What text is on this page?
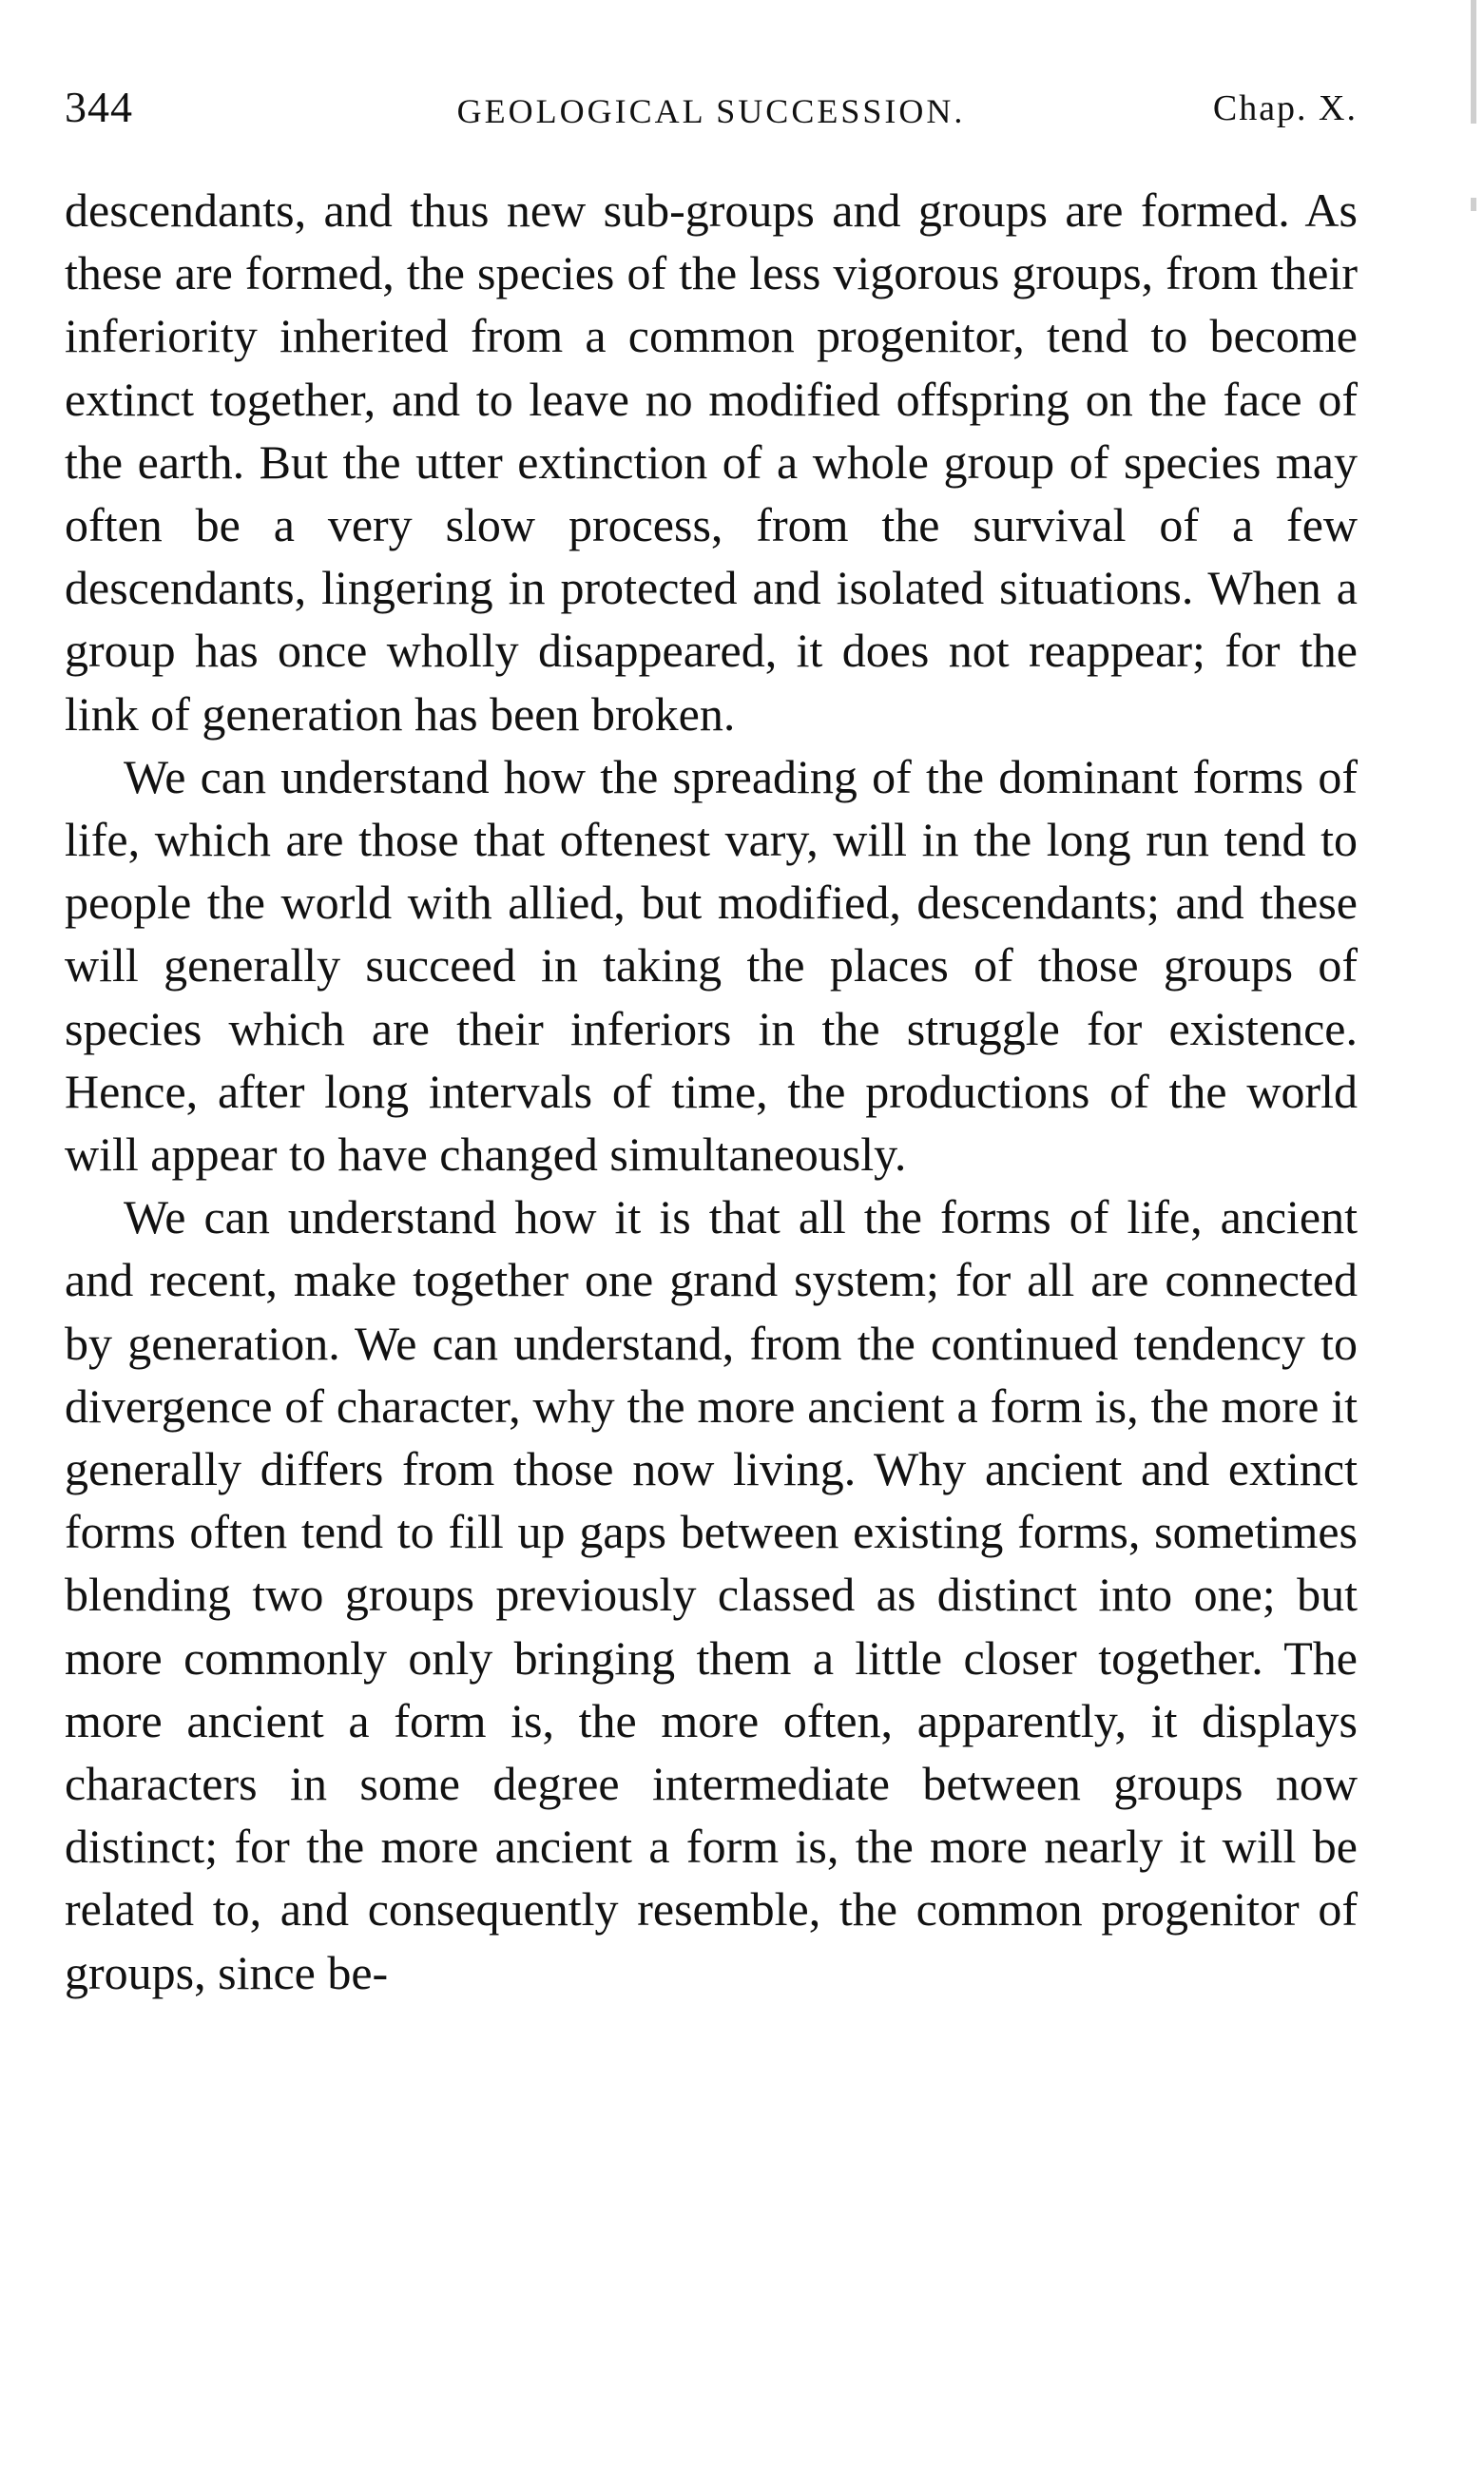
344	GEOLOGICAL SUCCESSION.	Chap. X.

descendants, and thus new sub-groups and groups are formed. As these are formed, the species of the less vigorous groups, from their inferiority inherited from a common progenitor, tend to become extinct together, and to leave no modified offspring on the face of the earth. But the utter extinction of a whole group of species may often be a very slow process, from the survival of a few descendants, lingering in protected and isolated situations. When a group has once wholly disappeared, it does not reappear; for the link of generation has been broken.

We can understand how the spreading of the dominant forms of life, which are those that oftenest vary, will in the long run tend to people the world with allied, but modified, descendants; and these will generally succeed in taking the places of those groups of species which are their inferiors in the struggle for existence. Hence, after long intervals of time, the productions of the world will appear to have changed simultaneously.

We can understand how it is that all the forms of life, ancient and recent, make together one grand system; for all are connected by generation. We can understand, from the continued tendency to divergence of character, why the more ancient a form is, the more it generally differs from those now living. Why ancient and extinct forms often tend to fill up gaps between existing forms, sometimes blending two groups previously classed as distinct into one; but more commonly only bringing them a little closer together. The more ancient a form is, the more often, apparently, it displays characters in some degree intermediate between groups now distinct; for the more ancient a form is, the more nearly it will be related to, and consequently resemble, the common progenitor of groups, since be-
